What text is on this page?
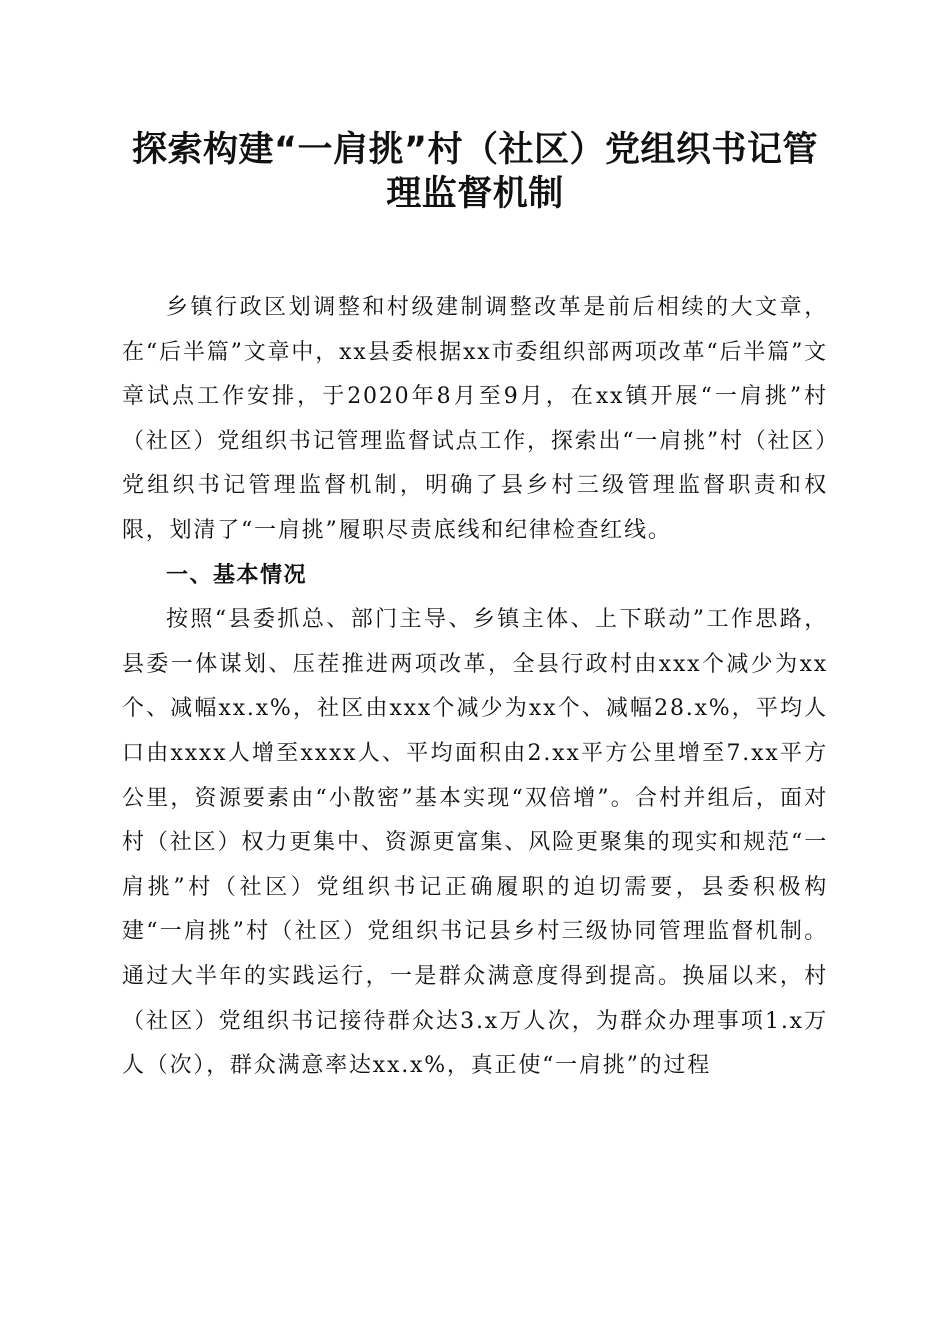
探索构建“一肩挑”村（社区）党组织书记管
理监督机制

乡镇行政区划调整和村级建制调整改革是前后相续的大文章，在“后半篇”文章中，xx县委根据xx市委组织部两项改革“后半篇”文章试点工作安排，于2020年8月至9月，在xx镇开展“一肩挑”村（社区）党组织书记管理监督试点工作，探索出“一肩挑”村（社区）党组织书记管理监督机制，明确了县乡村三级管理监督职责和权限，划清了“一肩挑”履职尽责底线和纪律检查红线。

一、基本情况

按照“县委抓总、部门主导、乡镇主体、上下联动”工作思路，县委一体谋划、压茬推进两项改革，全县行政村由xxx个减少为xx个、减幅xx.x%，社区由xxx个减少为xx个、减幅28.x%，平均人口由xxxx人增至xxxx人、平均面积由2.xx平方公里增至7.xx平方公里，资源要素由“小散密”基本实现“双倍增”。合村并组后，面对村（社区）权力更集中、资源更富集、风险更聚集的现实和规范“一肩挑”村（社区）党组织书记正确履职的迫切需要，县委积极构建“一肩挑”村（社区）党组织书记县乡村三级协同管理监督机制。通过大半年的实践运行，一是群众满意度得到提高。换届以来，村（社区）党组织书记接待群众达3.x万人次，为群众办理事项1.x万人（次），群众满意率达xx.x%，真正使“一肩挑”的过程
